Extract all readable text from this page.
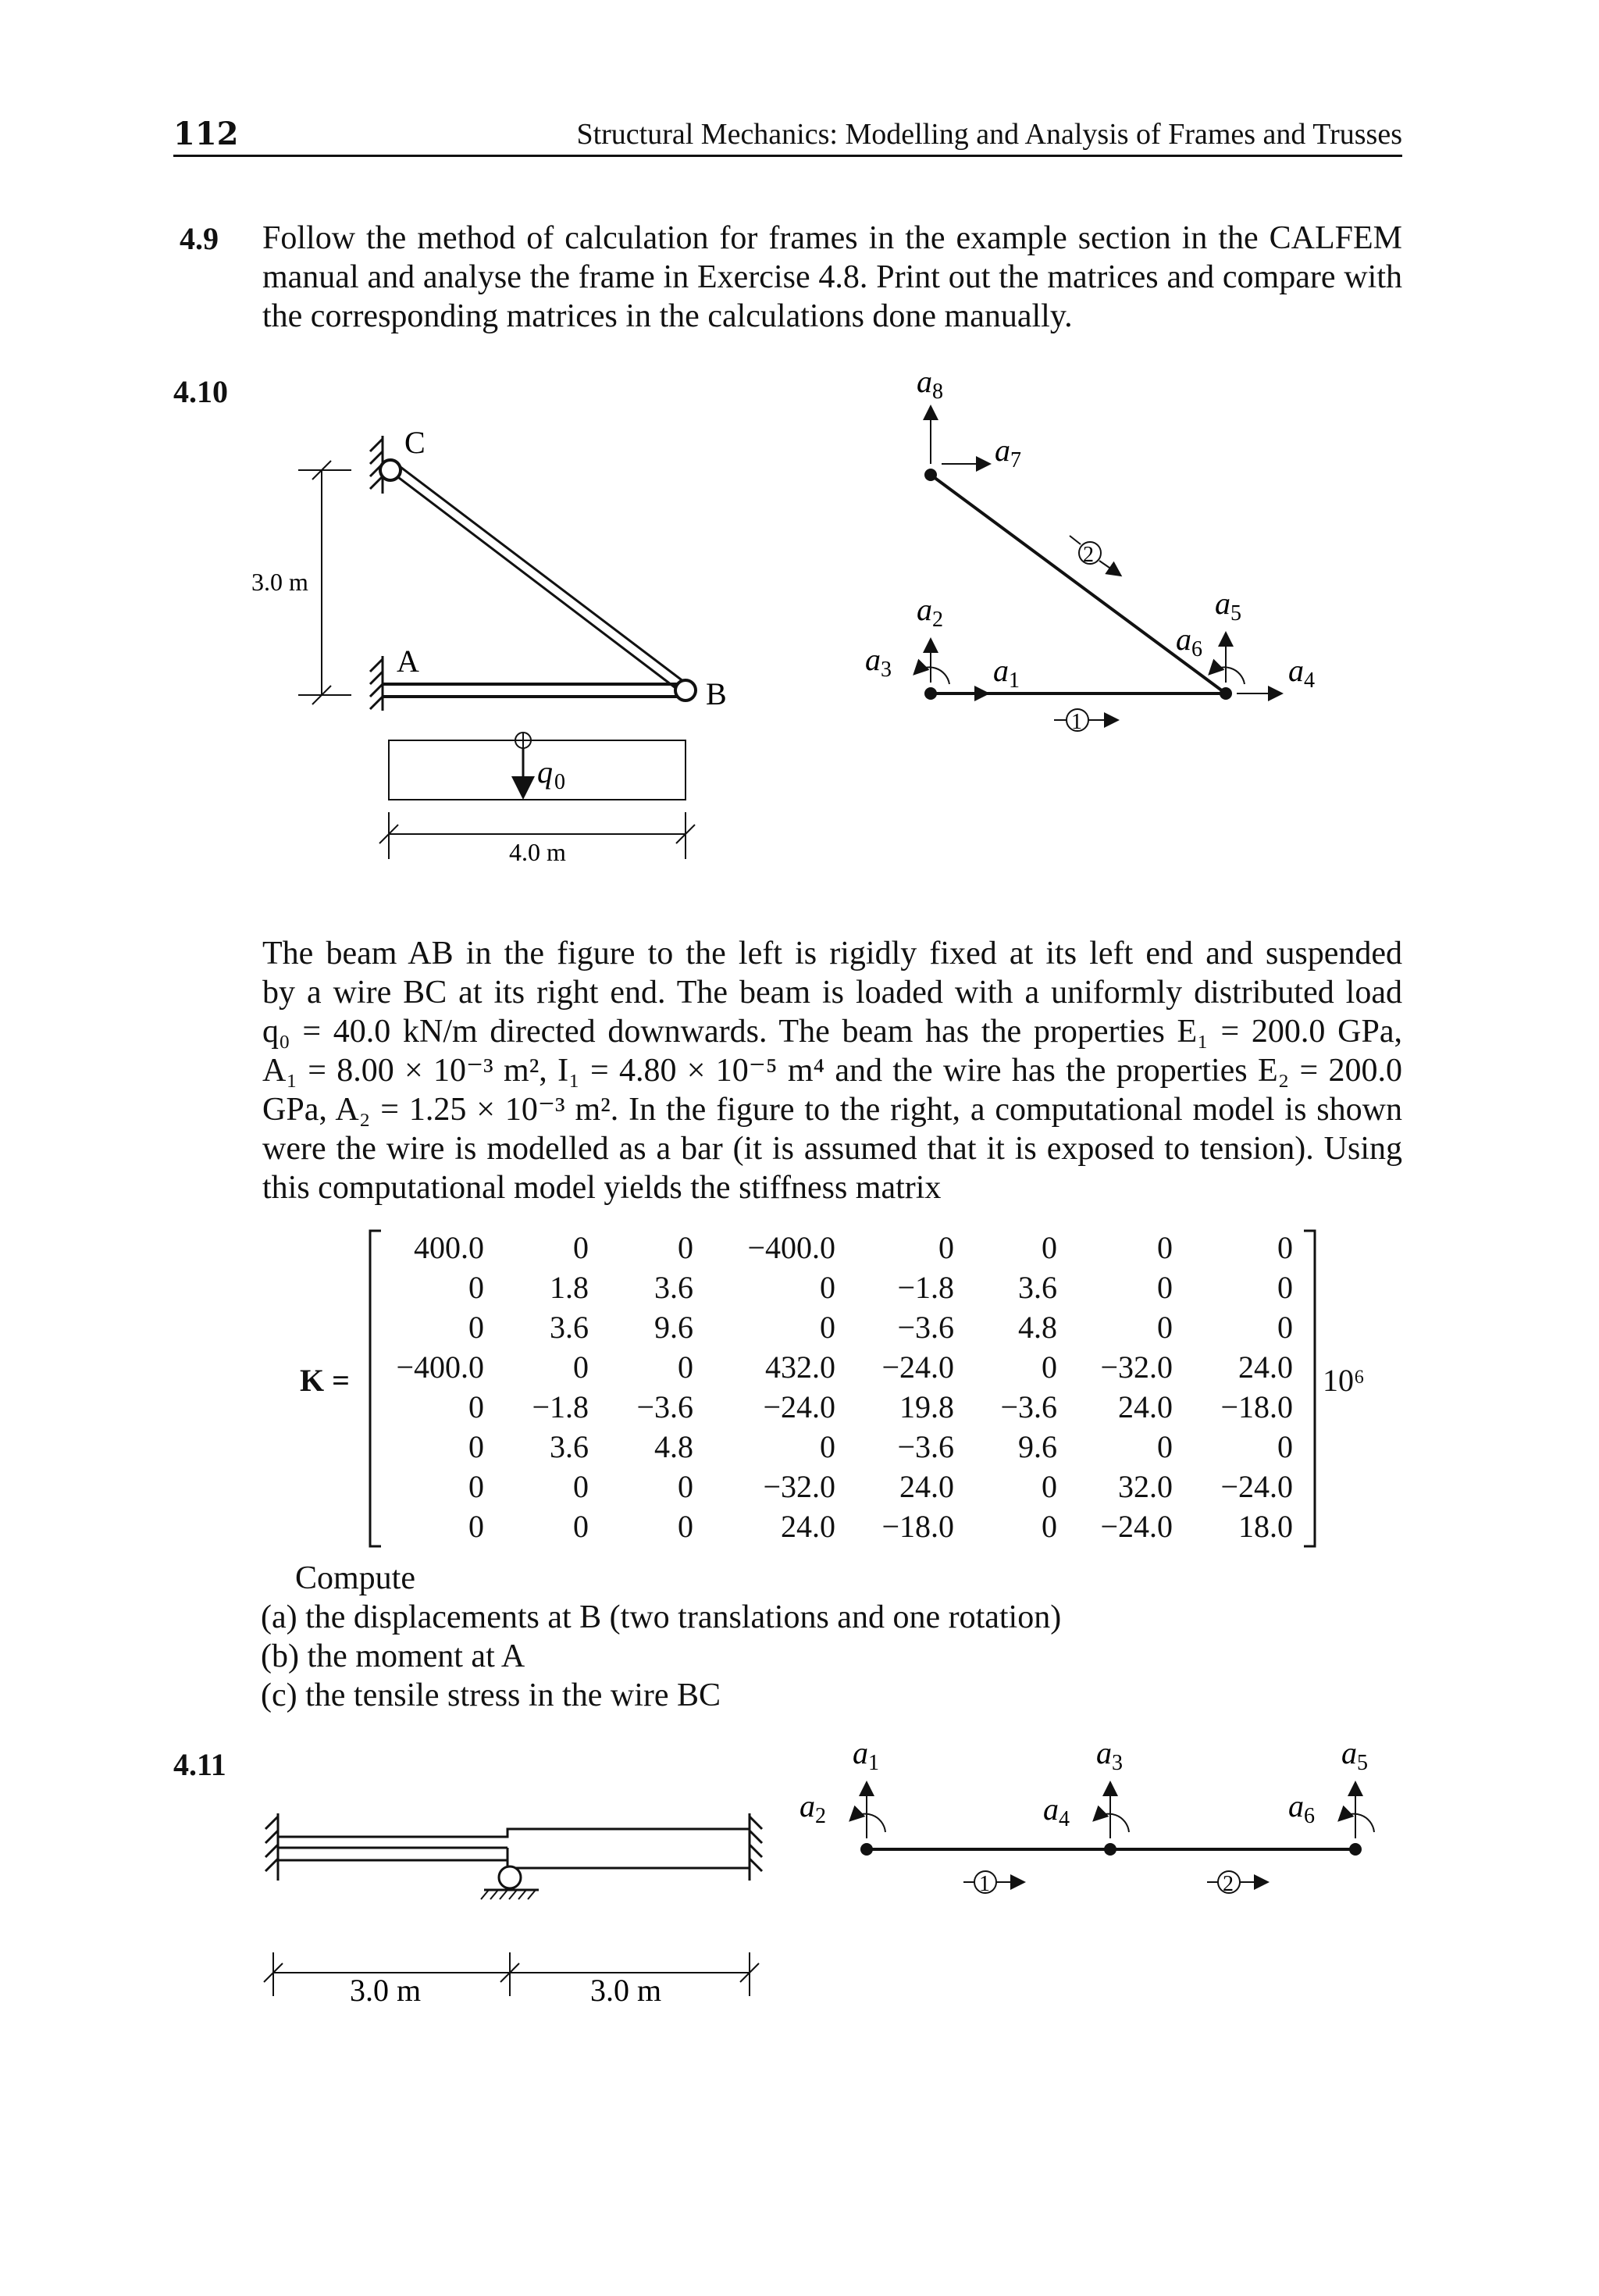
112	Structural Mechanics: Modelling and Analysis of Frames and Trusses
4.9 Follow the method of calculation for frames in the example section in the CALFEM
manual and analyse the frame in Exercise 4.8. Print out the matrices and compare with
the corresponding matrices in the calculations done manually.
4.10
C
A
B
3.0 m
q 0
4.0 m
a 8
a 7
2
a 2
a 3	a 1
a 5
a 6
a 4
1
The beam AB in the figure to the left is rigidly fixed at its left end and suspended
by a wire BC at its right end. The beam is loaded with a uniformly distributed load
q₀ = 40.0 kN/m directed downwards. The beam has the properties E₁ = 200.0 GPa,
A₁ = 8.00 × 10⁻³ m², I₁ = 4.80 × 10⁻⁵ m⁴ and the wire has the properties E₂ = 200.0
GPa, A₂ = 1.25 × 10⁻³ m². In the figure to the right, a computational model is shown
were the wire is modelled as a bar (it is assumed that it is exposed to tension). Using
this computational model yields the stiffness matrix
K =	10⁶
400.0	0	0	−400.0	0	0	0	0
0	1.8	3.6	0	−1.8	3.6	0	0
0	3.6	9.6	0	−3.6	4.8	0	0
−400.0	0	0	432.0	−24.0	0	−32.0	24.0
0	−1.8	−3.6	−24.0	19.8	−3.6	24.0	−18.0
0	3.6	4.8	0	−3.6	9.6	0	0
0	0	0	−32.0	24.0	0	32.0	−24.0
0	0	0	24.0	−18.0	0	−24.0	18.0
Compute
(a) the displacements at B (two translations and one rotation)
(b) the moment at A
(c) the tensile stress in the wire BC
4.11
3.0 m	3.0 m
a 1
a 2
a 3
a 4
a 5
a 6
1	2
